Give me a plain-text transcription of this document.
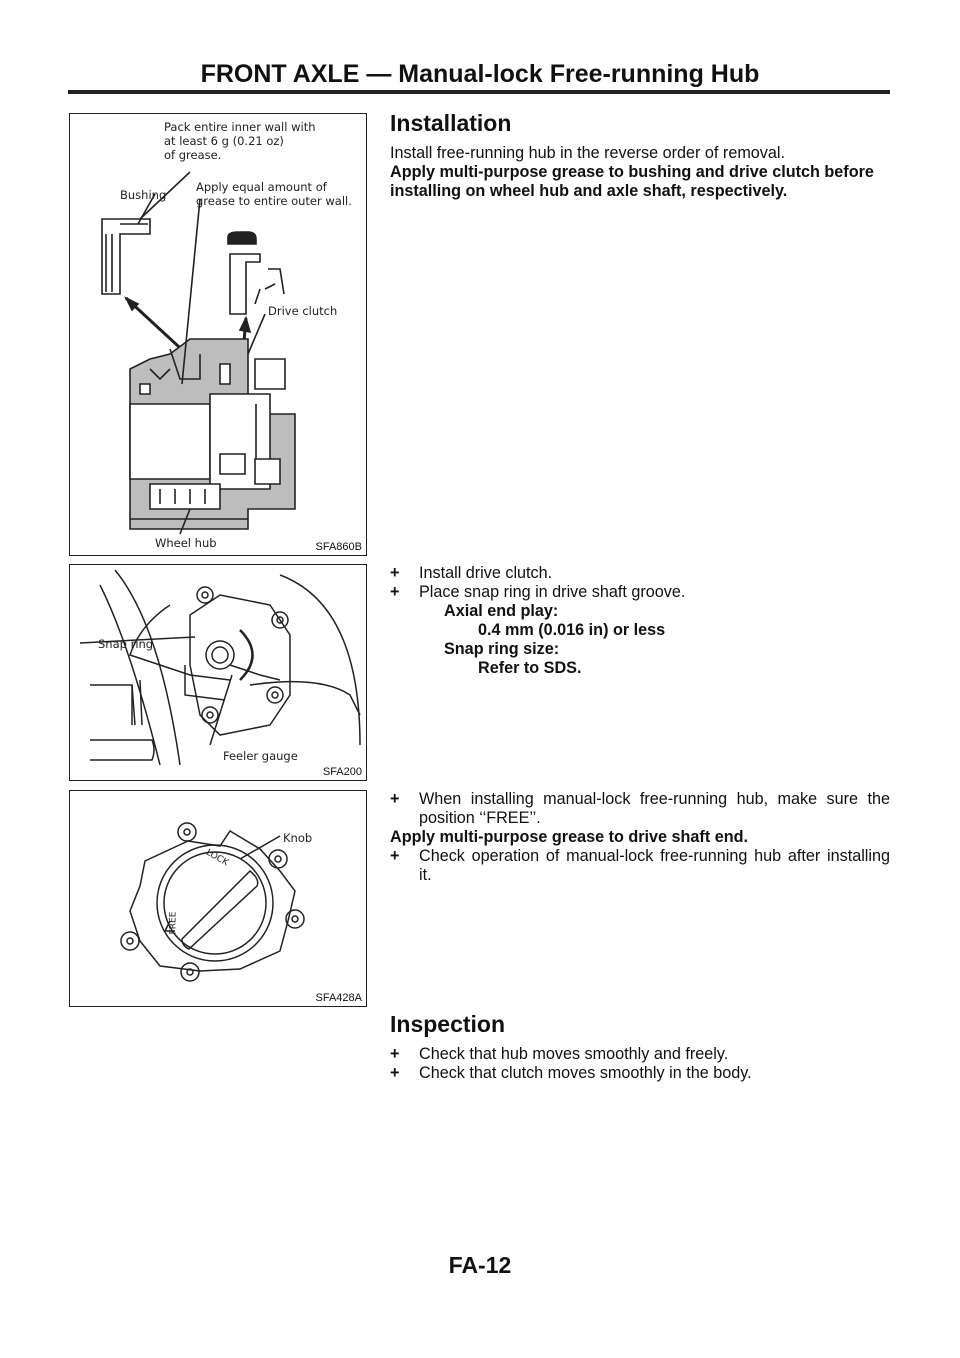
FRONT AXLE — Manual-lock Free-running Hub
Pack entire inner wall with
at least 6 g (0.21 oz)
of grease.
Bushing
Apply equal amount of
grease to entire outer wall.
Drive clutch
Wheel hub	SFA860B
Snap ring
Feeler gauge
SFA200
Knob
LOCK
FREE
SFA428A
Installation
Install free-running hub in the reverse order of removal.
Apply multi-purpose grease to bushing and drive clutch before installing on wheel hub and axle shaft, respectively.
+	Install drive clutch.
+	Place snap ring in drive shaft groove.
Axial end play:
0.4 mm (0.016 in) or less
Snap ring size:
Refer to SDS.
+	When installing manual-lock free-running hub, make sure the position ‘‘FREE’’.
Apply multi-purpose grease to drive shaft end.
+	Check operation of manual-lock free-running hub after installing it.
Inspection
+	Check that hub moves smoothly and freely.
+	Check that clutch moves smoothly in the body.
FA-12
